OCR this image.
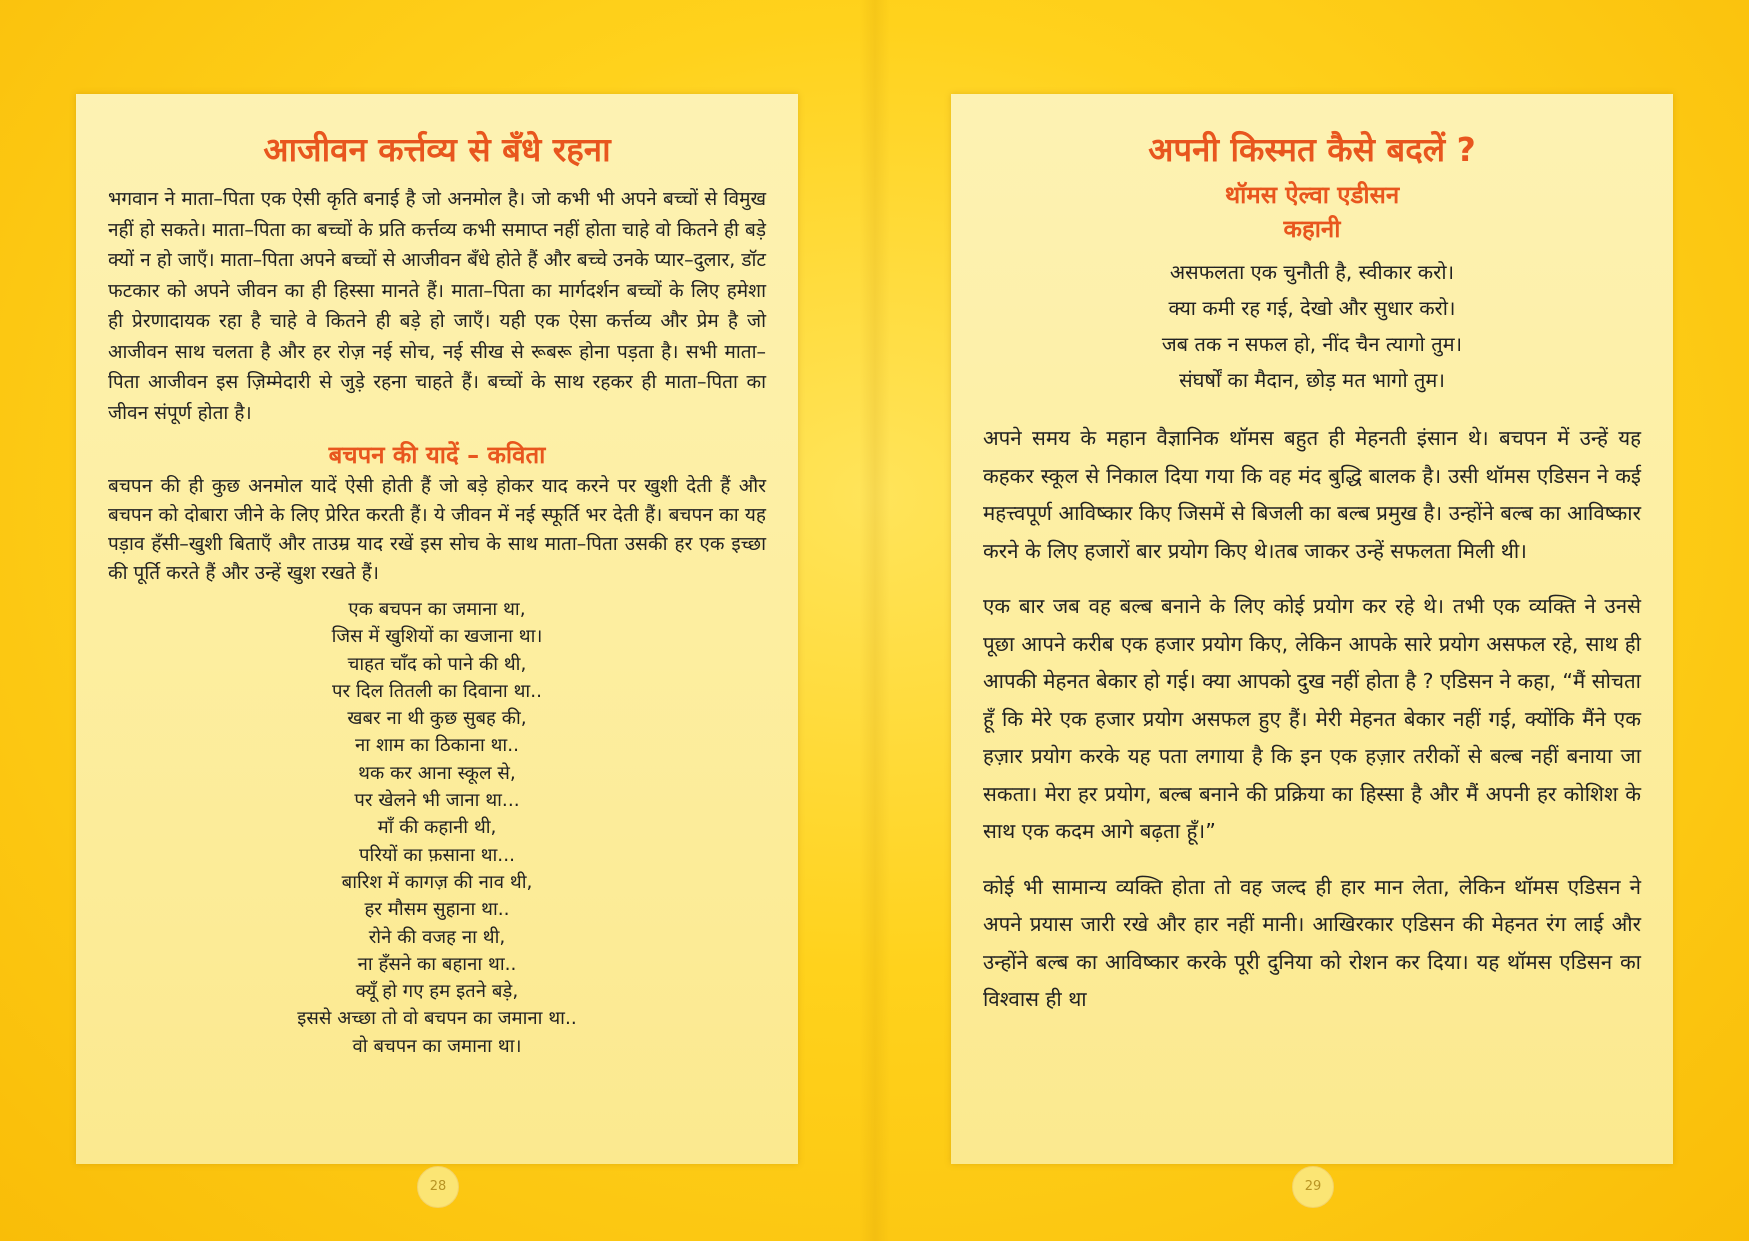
आजीवन कर्त्तव्य से बँधे रहना

भगवान ने माता–पिता एक ऐसी कृति बनाई है जो अनमोल है। जो कभी भी अपने बच्चों से विमुख नहीं हो सकते। माता–पिता का बच्चों के प्रति कर्त्तव्य कभी समाप्त नहीं होता चाहे वो कितने ही बड़े क्यों न हो जाएँ। माता–पिता अपने बच्चों से आजीवन बँधे होते हैं और बच्चे उनके प्यार–दुलार, डॉट फटकार को अपने जीवन का ही हिस्सा मानते हैं। माता–पिता का मार्गदर्शन बच्चों के लिए हमेशा ही प्रेरणादायक रहा है चाहे वे कितने ही बड़े हो जाएँ। यही एक ऐसा कर्त्तव्य और प्रेम है जो आजीवन साथ चलता है और हर रोज़ नई सोच, नई सीख से रूबरू होना पड़ता है। सभी माता–पिता आजीवन इस ज़िम्मेदारी से जुड़े रहना चाहते हैं। बच्चों के साथ रहकर ही माता–पिता का जीवन संपूर्ण होता है।

बचपन की यादें – कविता

बचपन की ही कुछ अनमोल यादें ऐसी होती हैं जो बड़े होकर याद करने पर खुशी देती हैं और बचपन को दोबारा जीने के लिए प्रेरित करती हैं। ये जीवन में नई स्फूर्ति भर देती हैं। बचपन का यह पड़ाव हँसी–खुशी बिताएँ और ताउम्र याद रखें इस सोच के साथ माता–पिता उसकी हर एक इच्छा की पूर्ति करते हैं और उन्हें खुश रखते हैं।

एक बचपन का जमाना था,
जिस में खुशियों का खजाना था।
चाहत चाँद को पाने की थी,
पर दिल तितली का दिवाना था..
खबर ना थी कुछ सुबह की,
ना शाम का ठिकाना था..
थक कर आना स्कूल से,
पर खेलने भी जाना था...
माँ की कहानी थी,
परियों का फ़साना था...
बारिश में कागज़ की नाव थी,
हर मौसम सुहाना था..
रोने की वजह ना थी,
ना हँसने का बहाना था..
क्यूँ हो गए हम इतने बड़े,
इससे अच्छा तो वो बचपन का जमाना था..
वो बचपन का जमाना था।
28
अपनी किस्मत कैसे बदलें ?
थॉमस ऐल्वा एडीसन
कहानी
असफलता एक चुनौती है, स्वीकार करो।
क्या कमी रह गई, देखो और सुधार करो।
जब तक न सफल हो, नींद चैन त्यागो तुम।
संघर्षों का मैदान, छोड़ मत भागो तुम।

अपने समय के महान वैज्ञानिक थॉमस बहुत ही मेहनती इंसान थे। बचपन में उन्हें यह कहकर स्कूल से निकाल दिया गया कि वह मंद बुद्धि बालक है। उसी थॉमस एडिसन ने कई महत्त्वपूर्ण आविष्कार किए जिसमें से बिजली का बल्ब प्रमुख है। उन्होंने बल्ब का आविष्कार करने के लिए हजारों बार प्रयोग किए थे।तब जाकर उन्हें सफलता मिली थी।

एक बार जब वह बल्ब बनाने के लिए कोई प्रयोग कर रहे थे। तभी एक व्यक्ति ने उनसे पूछा आपने करीब एक हजार प्रयोग किए, लेकिन आपके सारे प्रयोग असफल रहे, साथ ही आपकी मेहनत बेकार हो गई। क्या आपको दुख नहीं होता है ? एडिसन ने कहा, “मैं सोचता हूँ कि मेरे एक हजार प्रयोग असफल हुए हैं। मेरी मेहनत बेकार नहीं गई, क्योंकि मैंने एक हज़ार प्रयोग करके यह पता लगाया है कि इन एक हज़ार तरीकों से बल्ब नहीं बनाया जा सकता। मेरा हर प्रयोग, बल्ब बनाने की प्रक्रिया का हिस्सा है और मैं अपनी हर कोशिश के साथ एक कदम आगे बढ़ता हूँ।”

कोई भी सामान्य व्यक्ति होता तो वह जल्द ही हार मान लेता, लेकिन थॉमस एडिसन ने अपने प्रयास जारी रखे और हार नहीं मानी। आखिरकार एडिसन की मेहनत रंग लाई और उन्होंने बल्ब का आविष्कार करके पूरी दुनिया को रोशन कर दिया। यह थॉमस एडिसन का विश्वास ही था

29
